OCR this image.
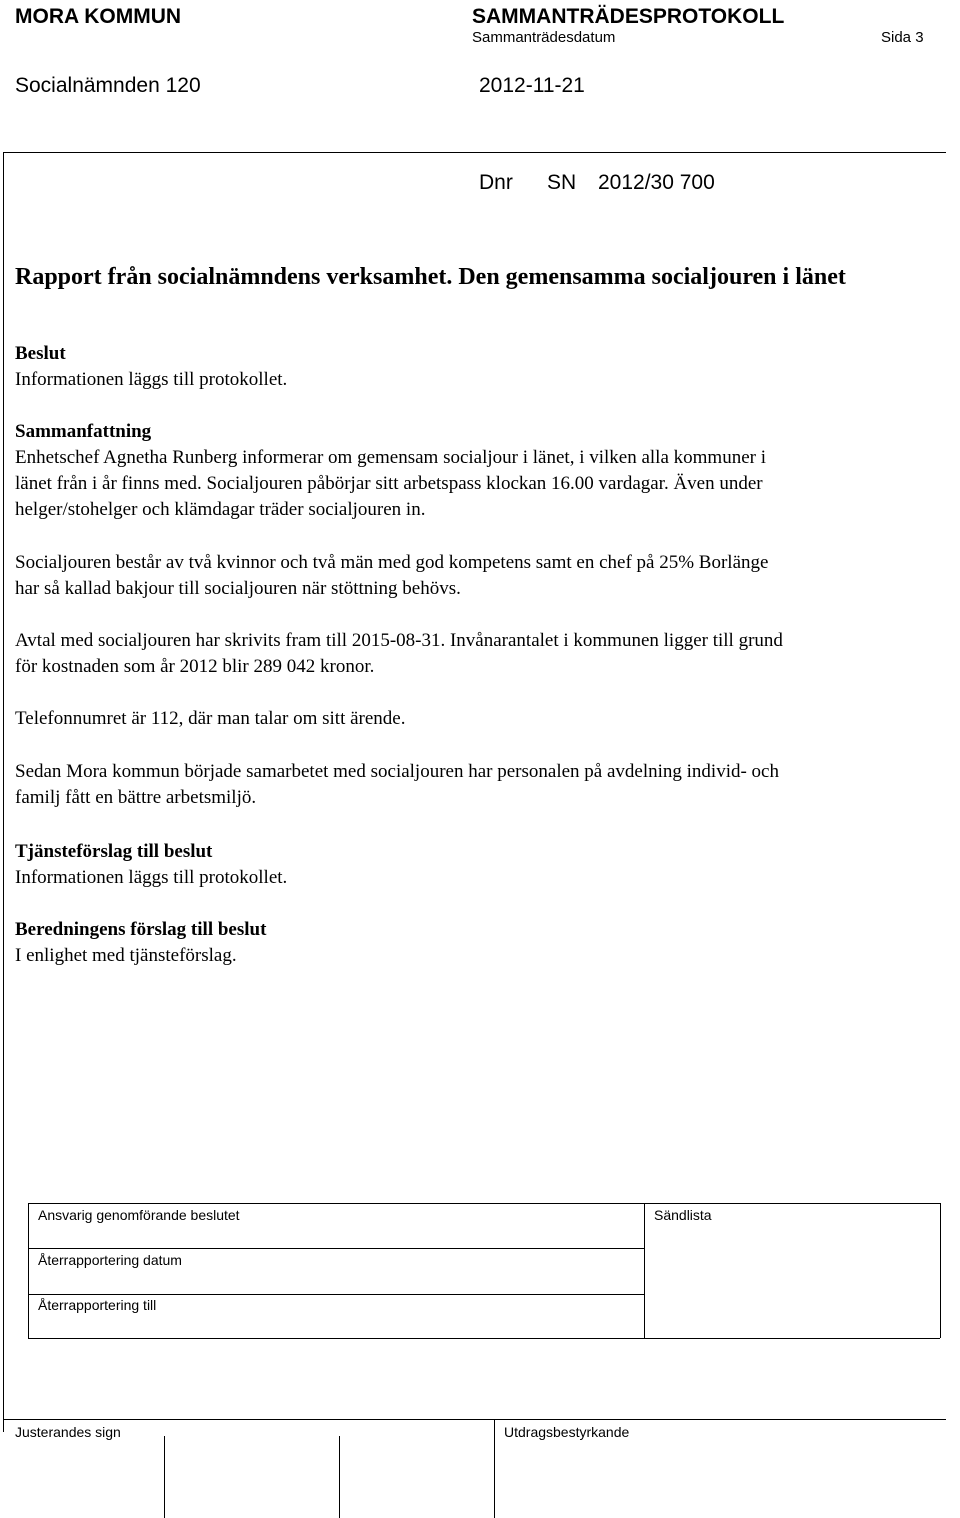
MORA KOMMUN	SAMMANTRÄDESPROTOKOLL
Sammanträdesdatum	Sida 3
Socialnämnden 120	2012-11-21
Dnr SN 2012/30 700
Rapport från socialnämndens verksamhet. Den gemensamma socialjouren i länet

Beslut

Informationen läggs till protokollet.

Sammanfattning

Enhetschef Agnetha Runberg informerar om gemensam socialjour i länet, i vilken alla kommuner i

länet från i år finns med. Socialjouren påbörjar sitt arbetspass klockan 16.00 vardagar. Även under

helger/stohelger och klämdagar träder socialjouren in.

Socialjouren består av två kvinnor och två män med god kompetens samt en chef på 25% Borlänge

har så kallad bakjour till socialjouren när stöttning behövs.

Avtal med socialjouren har skrivits fram till 2015-08-31. Invånarantalet i kommunen ligger till grund

för kostnaden som år 2012 blir 289 042 kronor.

Telefonnumret är 112, där man talar om sitt ärende.

Sedan Mora kommun började samarbetet med socialjouren har personalen på avdelning individ- och

familj fått en bättre arbetsmiljö.

Tjänsteförslag till beslut

Informationen läggs till protokollet.

Beredningens förslag till beslut

I enlighet med tjänsteförslag.

Ansvarig genomförande beslutet	Sändlista
Återrapportering datum
Återrapportering till
Justerandes sign	Utdragsbestyrkande
